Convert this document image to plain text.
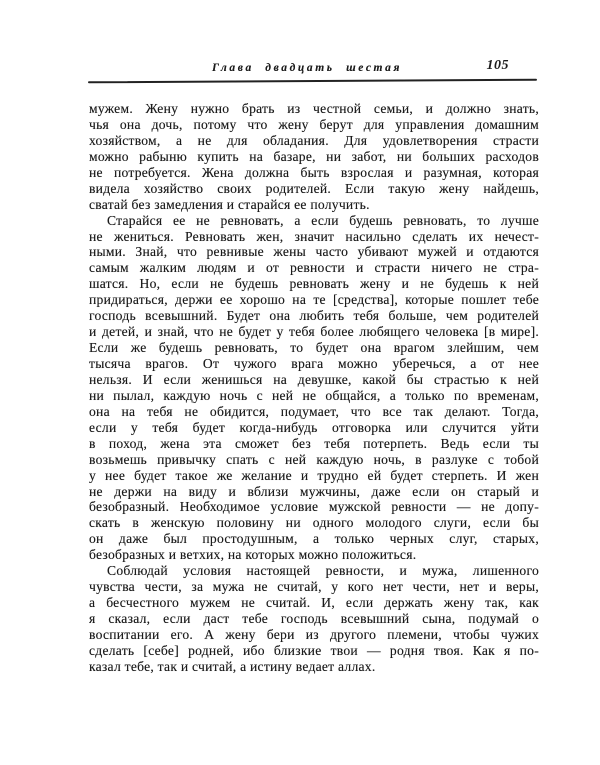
Глава двадцать шестая	105
мужем. Жену нужно брать из честной семьи, и должно знать,
чья она дочь, потому что жену берут для управления домашним
хозяйством, а не для обладания. Для удовлетворения страсти
можно рабыню купить на базаре, ни забот, ни больших расходов
не потребуется. Жена должна быть взрослая и разумная, которая
видела хозяйство своих родителей. Если такую жену найдешь,
сватай без замедления и старайся ее получить.
Старайся ее не ревновать, а если будешь ревновать, то лучше
не жениться. Ревновать жен, значит насильно сделать их нечест-
ными. Знай, что ревнивые жены часто убивают мужей и отдаются
самым жалким людям и от ревности и страсти ничего не стра-
шатся. Но, если не будешь ревновать жену и не будешь к ней
придираться, держи ее хорошо на те [средства], которые пошлет тебе
господь всевышний. Будет она любить тебя больше, чем родителей
и детей, и знай, что не будет у тебя более любящего человека [в мире].
Если же будешь ревновать, то будет она врагом злейшим, чем
тысяча врагов. От чужого врага можно уберечься, а от нее
нельзя. И если женишься на девушке, какой бы страстью к ней
ни пылал, каждую ночь с ней не общайся, а только по временам,
она на тебя не обидится, подумает, что все так делают. Тогда,
если у тебя будет когда-нибудь отговорка или случится уйти
в поход, жена эта сможет без тебя потерпеть. Ведь если ты
возьмешь привычку спать с ней каждую ночь, в разлуке с тобой
у нее будет такое же желание и трудно ей будет стерпеть. И жен
не держи на виду и вблизи мужчины, даже если он старый и
безобразный. Необходимое условие мужской ревности — не допу-
скать в женскую половину ни одного молодого слуги, если бы
он даже был простодушным, а только черных слуг, старых,
безобразных и ветхих, на которых можно положиться.
Соблюдай условия настоящей ревности, и мужа, лишенного
чувства чести, за мужа не считай, у кого нет чести, нет и веры,
а бесчестного мужем не считай. И, если держать жену так, как
я сказал, если даст тебе господь всевышний сына, подумай о
воспитании его. А жену бери из другого племени, чтобы чужих
сделать [себе] родней, ибо близкие твои — родня твоя. Как я по-
казал тебе, так и считай, а истину ведает аллах.
